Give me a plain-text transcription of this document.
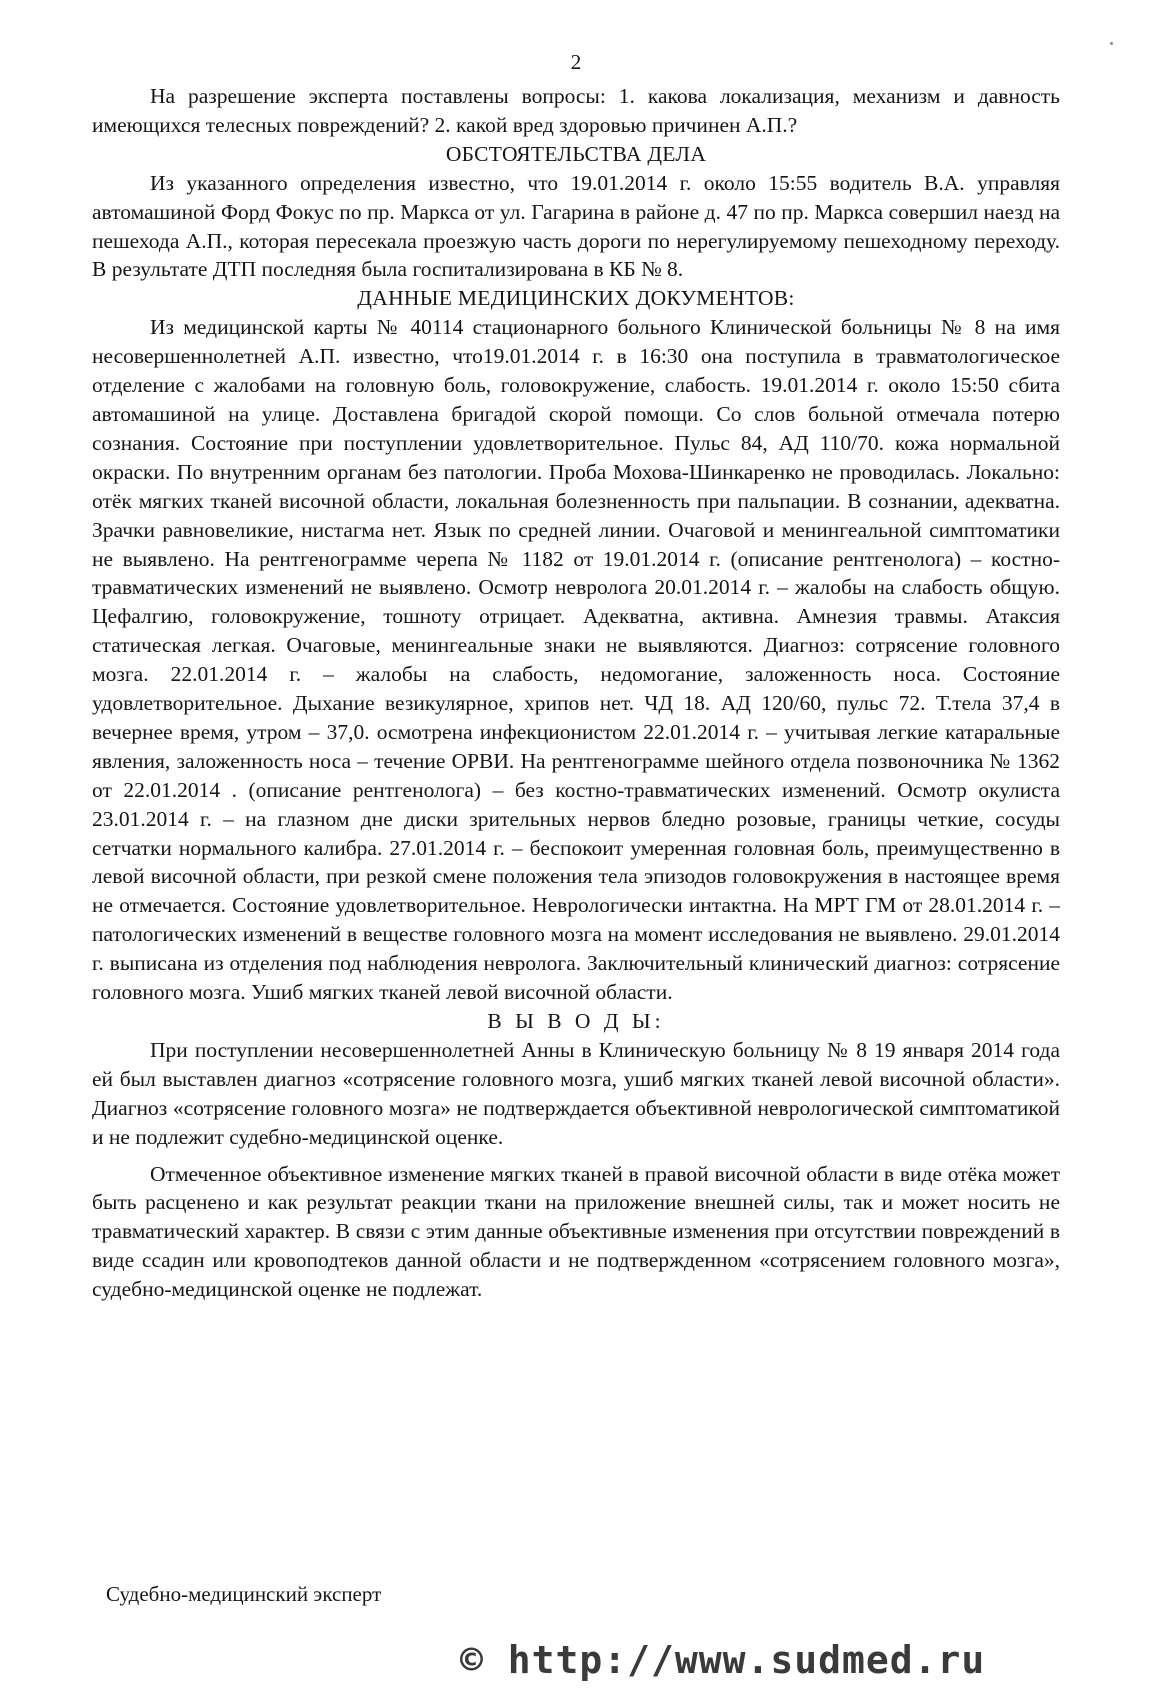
2

На разрешение эксперта поставлены вопросы: 1. какова локализация, механизм и давность имеющихся телесных повреждений? 2. какой вред здоровью причинен А.П.?

ОБСТОЯТЕЛЬСТВА ДЕЛА

Из указанного определения известно, что 19.01.2014 г. около 15:55 водитель В.А. управляя автомашиной Форд Фокус по пр. Маркса от ул. Гагарина в районе д. 47 по пр. Маркса совершил наезд на пешехода А.П., которая пересекала проезжую часть дороги по нерегулируемому пешеходному переходу. В результате ДТП последняя была госпитализирована в КБ № 8.

ДАННЫЕ МЕДИЦИНСКИХ ДОКУМЕНТОВ:

Из медицинской карты № 40114 стационарного больного Клинической больницы № 8 на имя несовершеннолетней А.П. известно, что19.01.2014 г. в 16:30 она поступила в травматологическое отделение с жалобами на головную боль, головокружение, слабость. 19.01.2014 г. около 15:50 сбита автомашиной на улице. Доставлена бригадой скорой помощи. Со слов больной отмечала потерю сознания. Состояние при поступлении удовлетворительное. Пульс 84, АД 110/70. кожа нормальной окраски. По внутренним органам без патологии. Проба Мохова-Шинкаренко не проводилась. Локально: отёк мягких тканей височной области, локальная болезненность при пальпации. В сознании, адекватна. Зрачки равновеликие, нистагма нет. Язык по средней линии. Очаговой и менингеальной симптоматики не выявлено. На рентгенограмме черепа № 1182 от 19.01.2014 г. (описание рентгенолога) – костно-травматических изменений не выявлено. Осмотр невролога 20.01.2014 г. – жалобы на слабость общую. Цефалгию, головокружение, тошноту отрицает. Адекватна, активна. Амнезия травмы. Атаксия статическая легкая. Очаговые, менингеальные знаки не выявляются. Диагноз: сотрясение головного мозга. 22.01.2014 г. – жалобы на слабость, недомогание, заложенность носа. Состояние удовлетворительное. Дыхание везикулярное, хрипов нет. ЧД 18. АД 120/60, пульс 72. Т.тела 37,4 в вечернее время, утром – 37,0. осмотрена инфекционистом 22.01.2014 г. – учитывая легкие катаральные явления, заложенность носа – течение ОРВИ. На рентгенограмме шейного отдела позвоночника № 1362 от 22.01.2014 . (описание рентгенолога) – без костно-травматических изменений. Осмотр окулиста 23.01.2014 г. – на глазном дне диски зрительных нервов бледно розовые, границы четкие, сосуды сетчатки нормального калибра. 27.01.2014 г. – беспокоит умеренная головная боль, преимущественно в левой височной области, при резкой смене положения тела эпизодов головокружения в настоящее время не отмечается. Состояние удовлетворительное. Неврологически интактна. На МРТ ГМ от 28.01.2014 г. – патологических изменений в веществе головного мозга на момент исследования не выявлено. 29.01.2014 г. выписана из отделения под наблюдения невролога. Заключительный клинический диагноз: сотрясение головного мозга. Ушиб мягких тканей левой височной области.

В Ы В О Д Ы:

При поступлении несовершеннолетней Анны в Клиническую больницу № 8 19 января 2014 года ей был выставлен диагноз «сотрясение головного мозга, ушиб мягких тканей левой височной области». Диагноз «сотрясение головного мозга» не подтверждается объективной неврологической симптоматикой и не подлежит судебно-медицинской оценке.

Отмеченное объективное изменение мягких тканей в правой височной области в виде отёка может быть расценено и как результат реакции ткани на приложение внешней силы, так и может носить не травматический характер. В связи с этим данные объективные изменения при отсутствии повреждений в виде ссадин или кровоподтеков данной области и не подтвержденном «сотрясением головного мозга», судебно-медицинской оценке не подлежат.

Судебно-медицинский эксперт
© http://www.sudmed.ru
